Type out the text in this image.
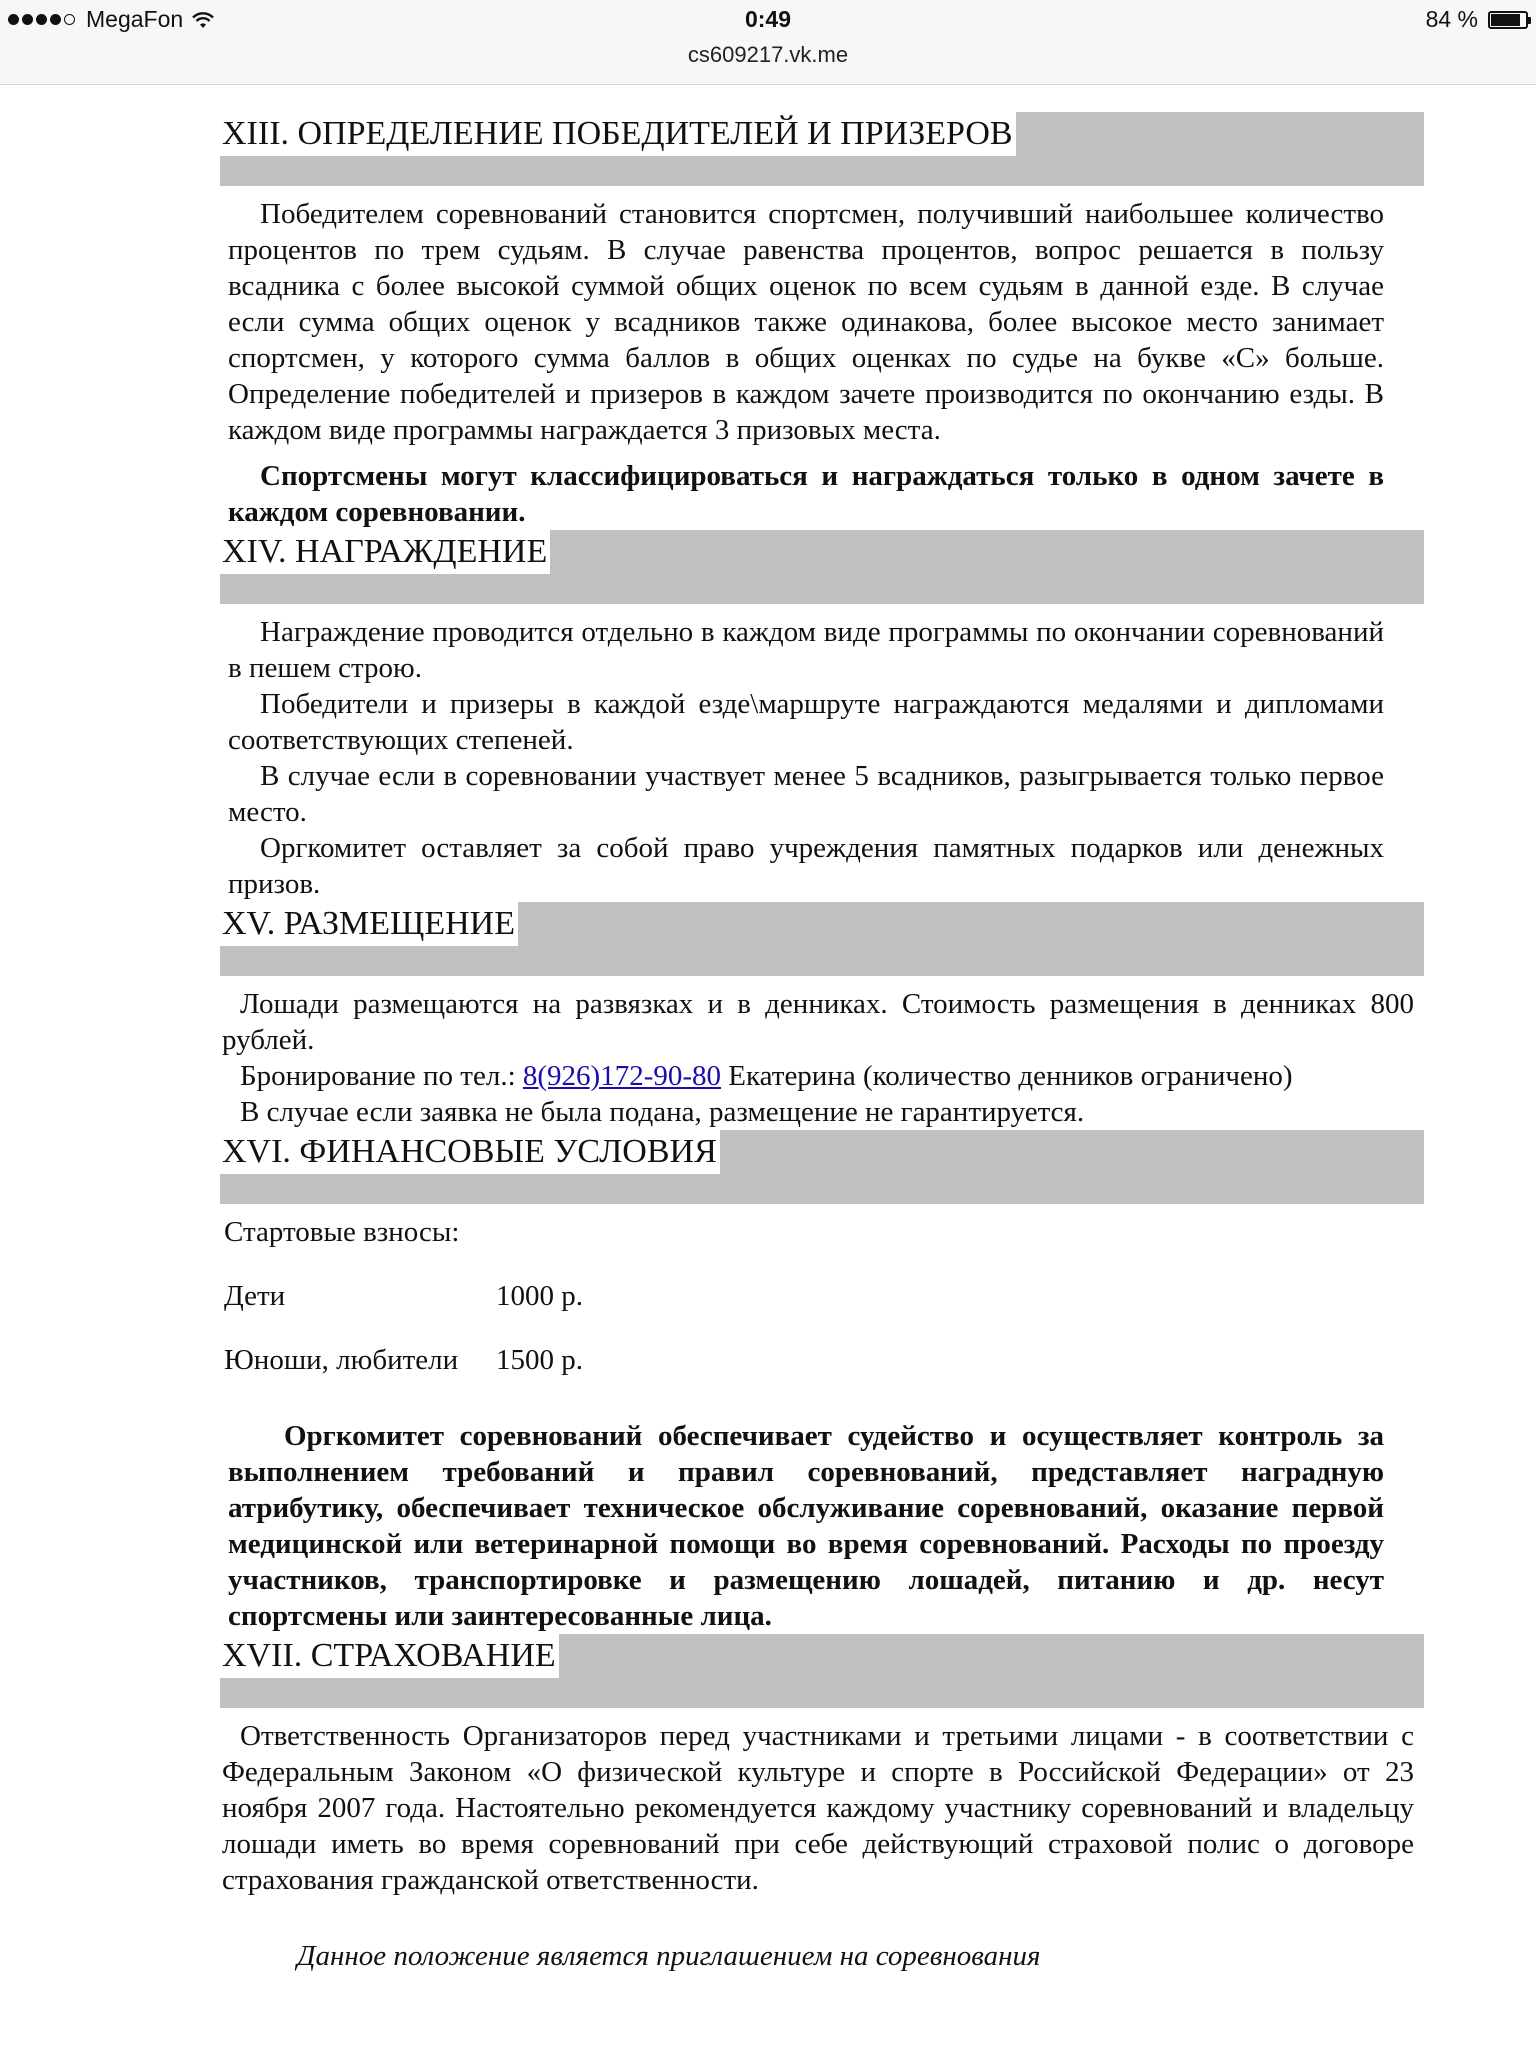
MegaFon	0:49	84 %
cs609217.vk.me
XIII. ОПРЕДЕЛЕНИЕ ПОБЕДИТЕЛЕЙ И ПРИЗЕРОВ

Победителем соревнований становится спортсмен, получивший наибольшее количество процентов по трем судьям. В случае равенства процентов, вопрос решается в пользу всадника с более высокой суммой общих оценок по всем судьям в данной езде. В случае если сумма общих оценок у всадников также одинакова, более высокое место занимает спортсмен, у которого сумма баллов в общих оценках по судье на букве «С» больше. Определение победителей и призеров в каждом зачете производится по окончанию езды. В каждом виде программы награждается 3 призовых места.

Спортсмены могут классифицироваться и награждаться только в одном зачете в каждом соревновании.

XIV. НАГРАЖДЕНИЕ

Награждение проводится отдельно в каждом виде программы по окончании соревнований в пешем строю.

Победители и призеры в каждой езде\маршруте награждаются медалями и дипломами соответствующих степеней.

В случае если в соревновании участвует менее 5 всадников, разыгрывается только первое место.

Оргкомитет оставляет за собой право учреждения памятных подарков или денежных призов.

XV. РАЗМЕЩЕНИЕ

Лошади размещаются на развязках и в денниках. Стоимость размещения в денниках 800 рублей.

Бронирование по тел.: 8(926)172-90-80 Екатерина (количество денников ограничено)

В случае если заявка не была подана, размещение не гарантируется.

XVI. ФИНАНСОВЫЕ УСЛОВИЯ

Стартовые взносы:

Дети	1000 р.

Юноши, любители	1500 р.

Оргкомитет соревнований обеспечивает судейство и осуществляет контроль за выполнением требований и правил соревнований, представляет наградную атрибутику, обеспечивает техническое обслуживание соревнований, оказание первой медицинской или ветеринарной помощи во время соревнований. Расходы по проезду участников, транспортировке и размещению лошадей, питанию и др. несут спортсмены или заинтересованные лица.

XVII. СТРАХОВАНИЕ

Ответственность Организаторов перед участниками и третьими лицами - в соответствии с Федеральным Законом «О физической культуре и спорте в Российской Федерации» от 23 ноября 2007 года. Настоятельно рекомендуется каждому участнику соревнований и владельцу лошади иметь во время соревнований при себе действующий страховой полис о договоре страхования гражданской ответственности.

Данное положение является приглашением на соревнования
